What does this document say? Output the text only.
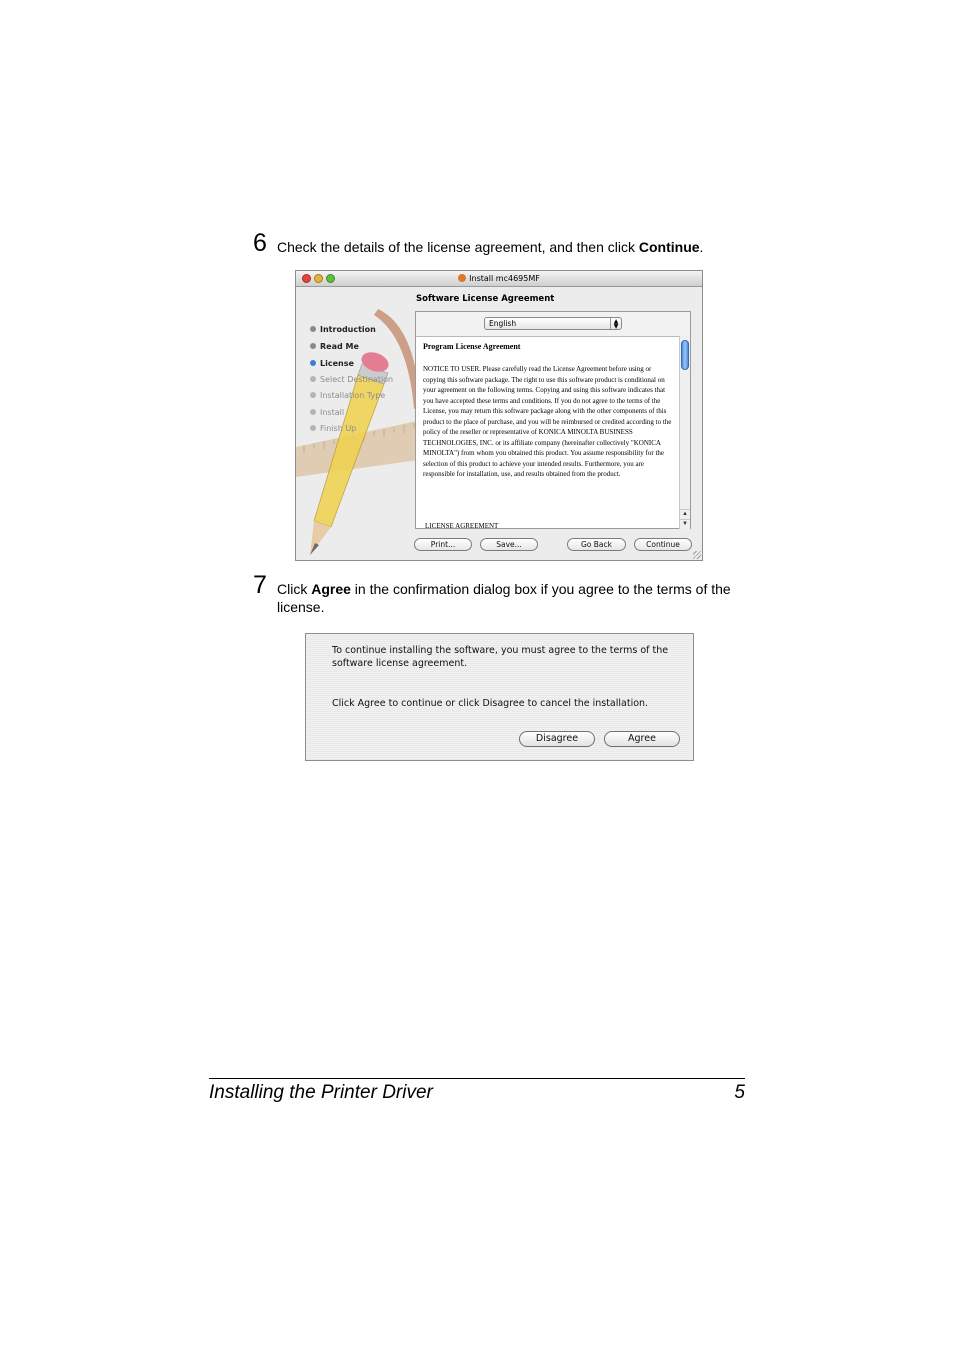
6 Check the details of the license agreement, and then click Continue.
Install mc4695MF
Introduction
Read Me
License
Select Destination
Installation Type
Install
Finish Up
Software License Agreement
English	▲
▼
Program License Agreement

NOTICE TO USER. Please carefully read the License Agreement before using or copying this software package. The right to use this software product is conditional on your agreement on the following terms. Copying and using this software indicates that you have accepted these terms and conditions. If you do not agree to the terms of the License, you may return this software package along with the other components of this product to the place of purchase, and you will be reimbursed or credited according to the policy of the reseller or representative of KONICA MINOLTA BUSINESS TECHNOLOGIES, INC. or its affiliate company (hereinafter collectively "KONICA MINOLTA") from whom you obtained this product. You assume responsibility for the selection of this product to achieve your intended results. Furthermore, you are responsible for installation, use, and results obtained from the product.

LICENSE AGREEMENT
▲
▼
Print...	Save...	Go Back	Continue
7 Click Agree in the confirmation dialog box if you agree to the terms of the license.
To continue installing the software, you must agree to the terms of the software license agreement.
Click Agree to continue or click Disagree to cancel the installation.
Disagree	Agree
Installing the Printer Driver	5
